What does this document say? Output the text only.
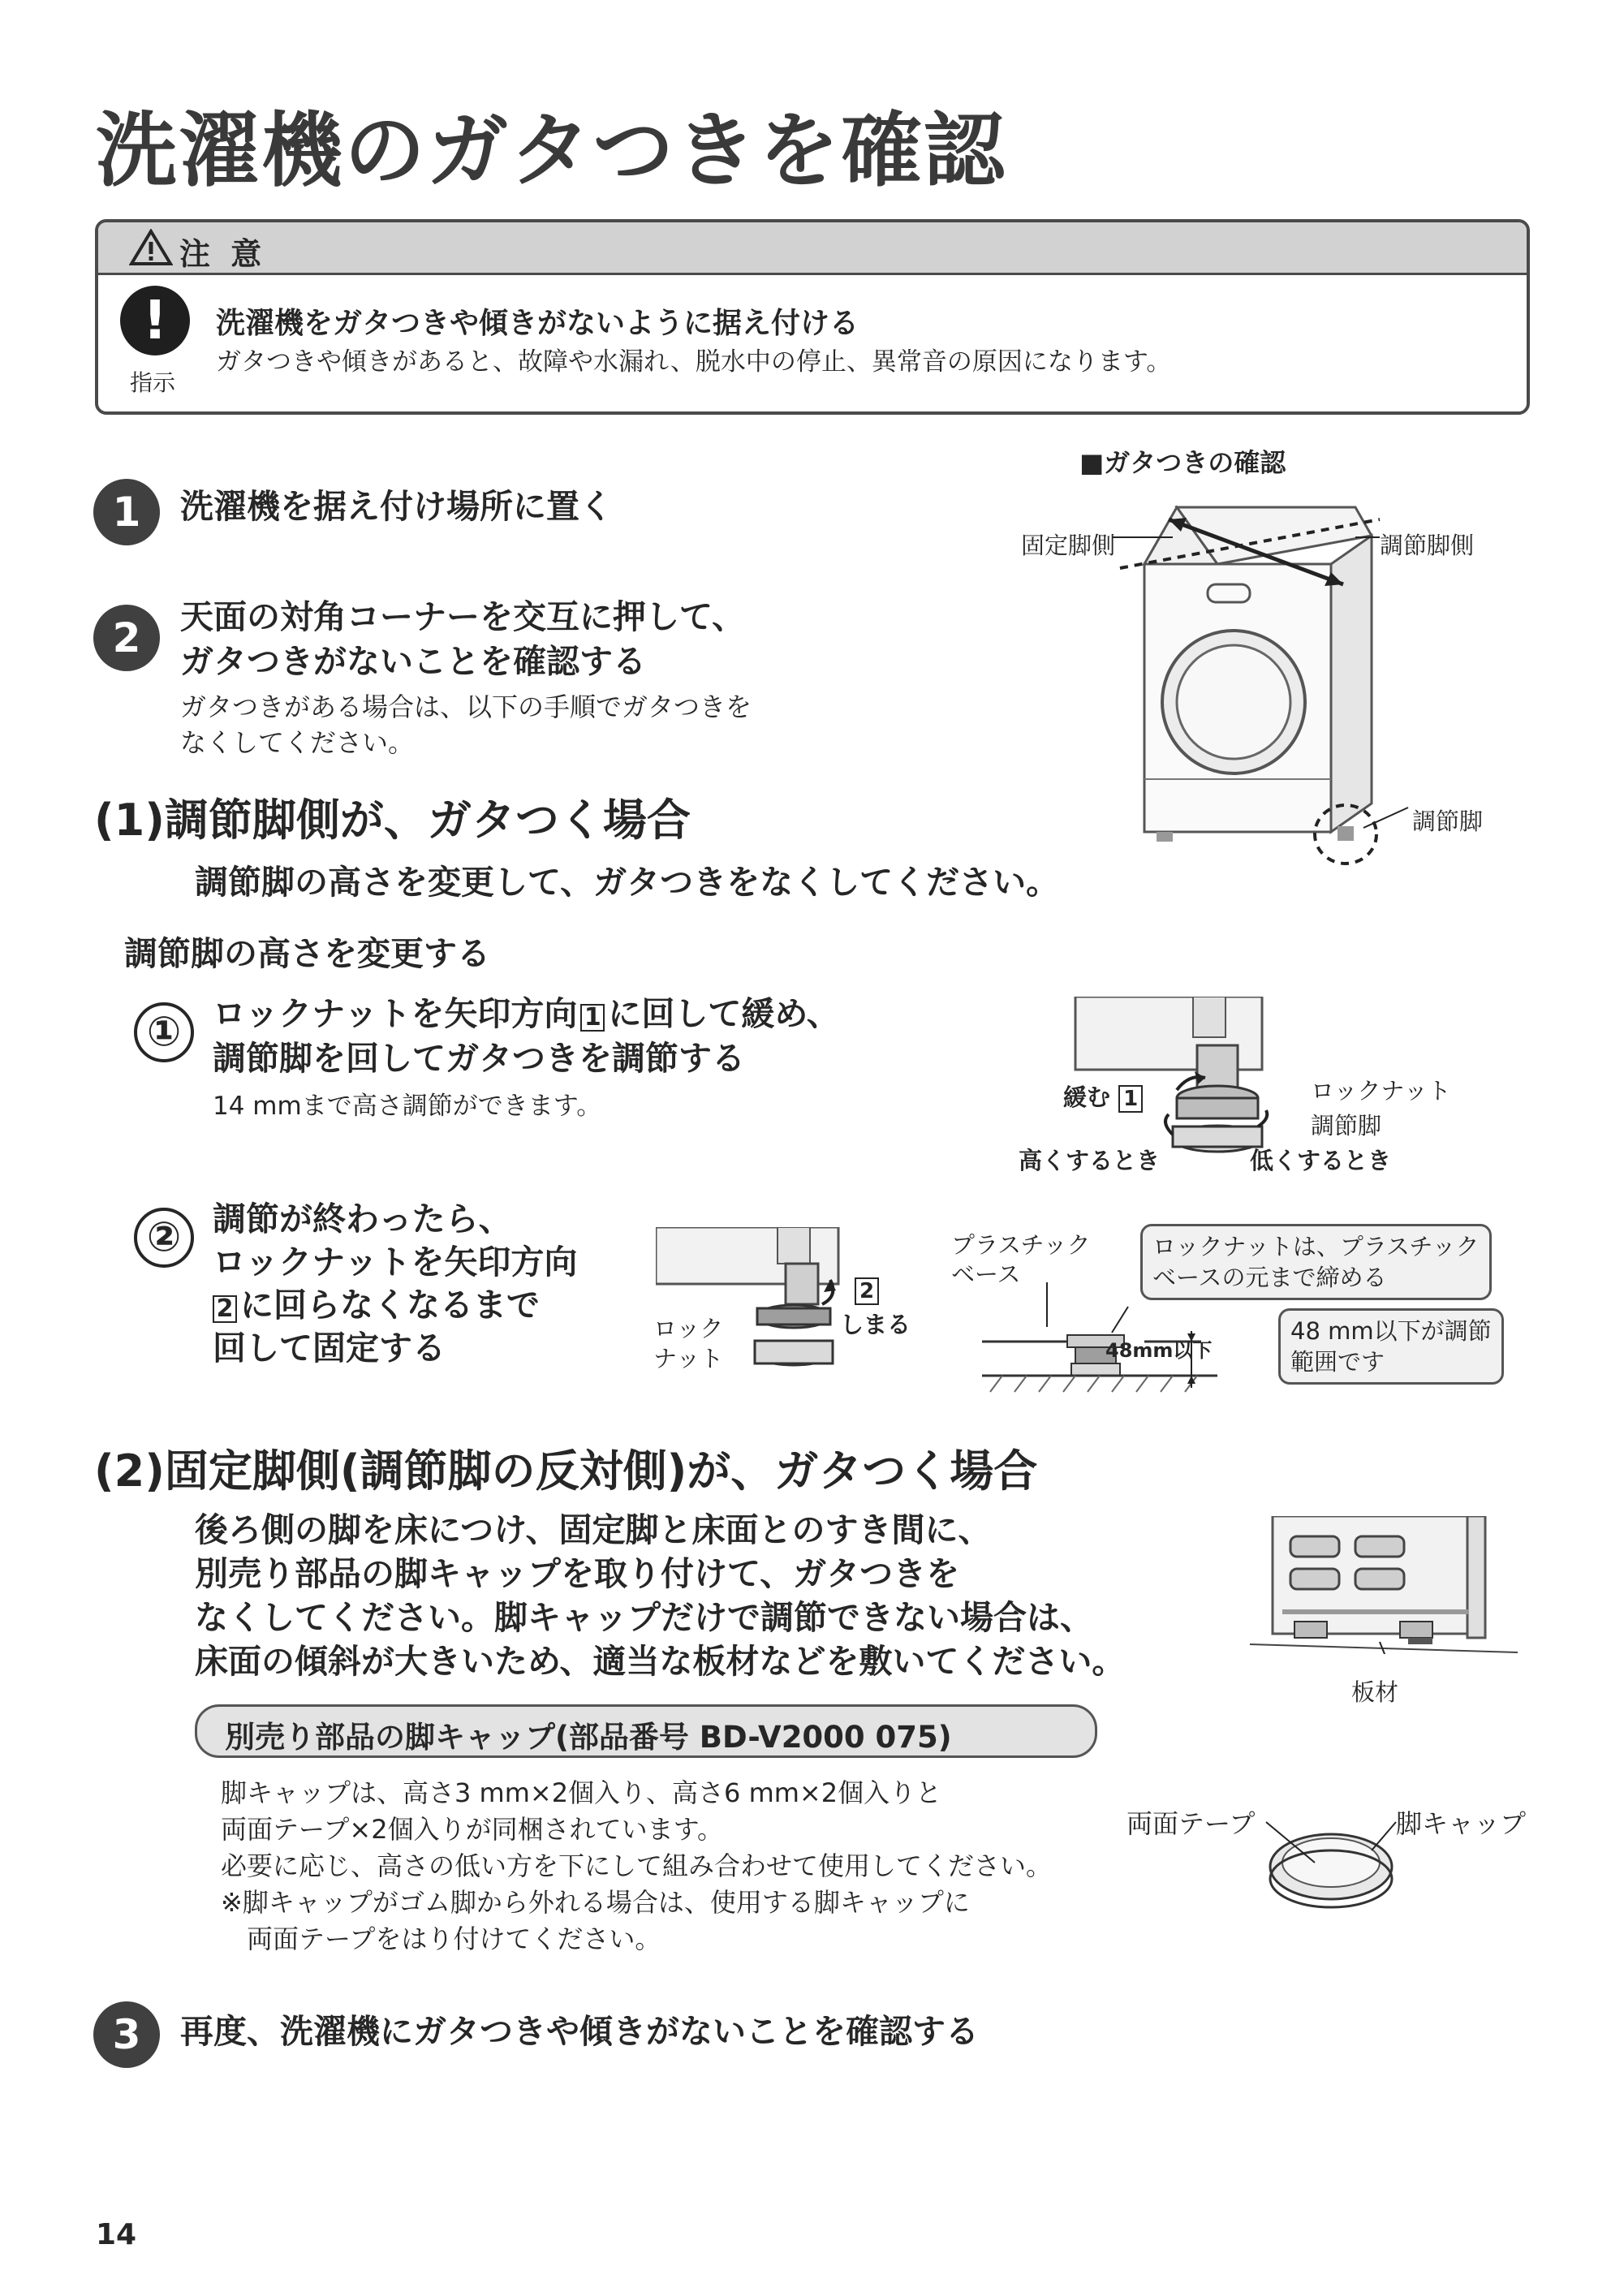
洗濯機のガタつきを確認
注 意
!
指示
洗濯機をガタつきや傾きがないように据え付ける
ガタつきや傾きがあると、故障や水漏れ、脱水中の停止、異常音の原因になります。
1	洗濯機を据え付け場所に置く
2	天面の対角コーナーを交互に押して、
ガタつきがないことを確認する
ガタつきがある場合は、以下の手順でガタつきを
なくしてください。
■ガタつきの確認
固定脚側	調節脚側
調節脚
(1)調節脚側が、ガタつく場合
調節脚の高さを変更して、ガタつきをなくしてください。
調節脚の高さを変更する
① ロックナットを矢印方向 1 に回して緩め、
調節脚を回してガタつきを調節する
14 mmまで高さ調節ができます。	緩む 1	ロックナット
調節脚
高くするとき	低くするとき
② 調節が終わったら、
ロックナットを矢印方向
2 に回らなくなるまで
回して固定する
2
しまる
ロック
ナット
プラスチック
ベース
ロックナットは、プラスチック
ベースの元まで締める
48 mm以下が調節
範囲です
48mm以下
(2)固定脚側(調節脚の反対側)が、ガタつく場合
後ろ側の脚を床につけ、固定脚と床面とのすき間に、
別売り部品の脚キャップを取り付けて、ガタつきを
なくしてください。脚キャップだけで調節できない場合は、
床面の傾斜が大きいため、適当な板材などを敷いてください。
板材
別売り部品の脚キャップ(部品番号 BD-V2000 075)
脚キャップは、高さ3 mm×2個入り、高さ6 mm×2個入りと
両面テープ×2個入りが同梱されています。
必要に応じ、高さの低い方を下にして組み合わせて使用してください。
※脚キャップがゴム脚から外れる場合は、使用する脚キャップに
　両面テープをはり付けてください。
両面テープ	脚キャップ
3	再度、洗濯機にガタつきや傾きがないことを確認する
14
